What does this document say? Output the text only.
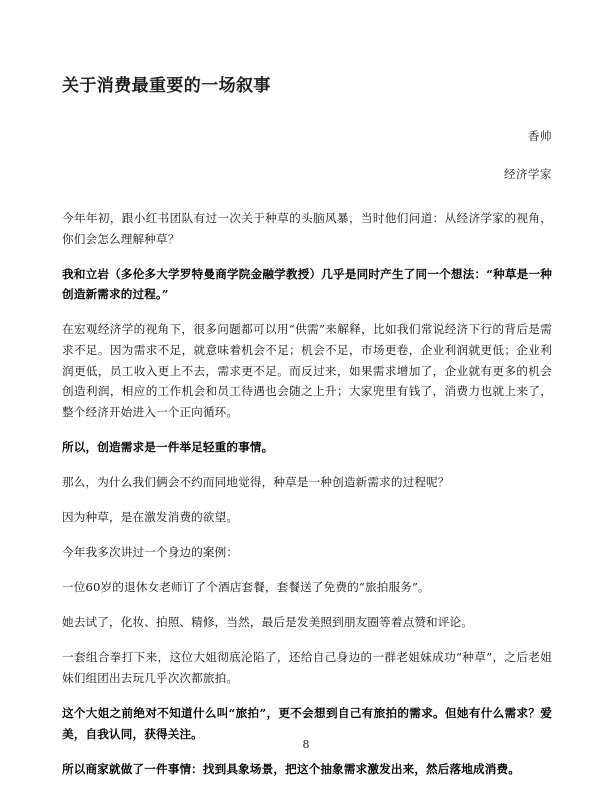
关于消费最重要的一场叙事
香帅
经济学家

今年年初，跟小红书团队有过一次关于种草的头脑风暴，当时他们问道：从经济学家的视角，你们会怎么理解种草？

我和立岩（多伦多大学罗特曼商学院金融学教授）几乎是同时产生了同一个想法：“种草是一种创造新需求的过程。”

在宏观经济学的视角下，很多问题都可以用“供需”来解释，比如我们常说经济下行的背后是需求不足。因为需求不足，就意味着机会不足；机会不足，市场更卷，企业利润就更低；企业利润更低，员工收入更上不去，需求更不足。而反过来，如果需求增加了，企业就有更多的机会创造利润，相应的工作机会和员工待遇也会随之上升；大家兜里有钱了，消费力也就上来了，整个经济开始进入一个正向循环。

所以，创造需求是一件举足轻重的事情。

那么，为什么我们俩会不约而同地觉得，种草是一种创造新需求的过程呢？

因为种草，是在激发消费的欲望。

今年我多次讲过一个身边的案例：

一位60岁的退休女老师订了个酒店套餐，套餐送了免费的“旅拍服务”。

她去试了，化妆、拍照、精修，当然，最后是发美照到朋友圈等着点赞和评论。

一套组合拳打下来，这位大姐彻底沦陷了，还给自己身边的一群老姐妹成功“种草”，之后老姐妹们组团出去玩几乎次次都旅拍。

这个大姐之前绝对不知道什么叫“旅拍”，更不会想到自己有旅拍的需求。但她有什么需求？爱美，自我认同，获得关注。

所以商家就做了一件事情：找到具象场景，把这个抽象需求激发出来，然后落地成消费。

8
